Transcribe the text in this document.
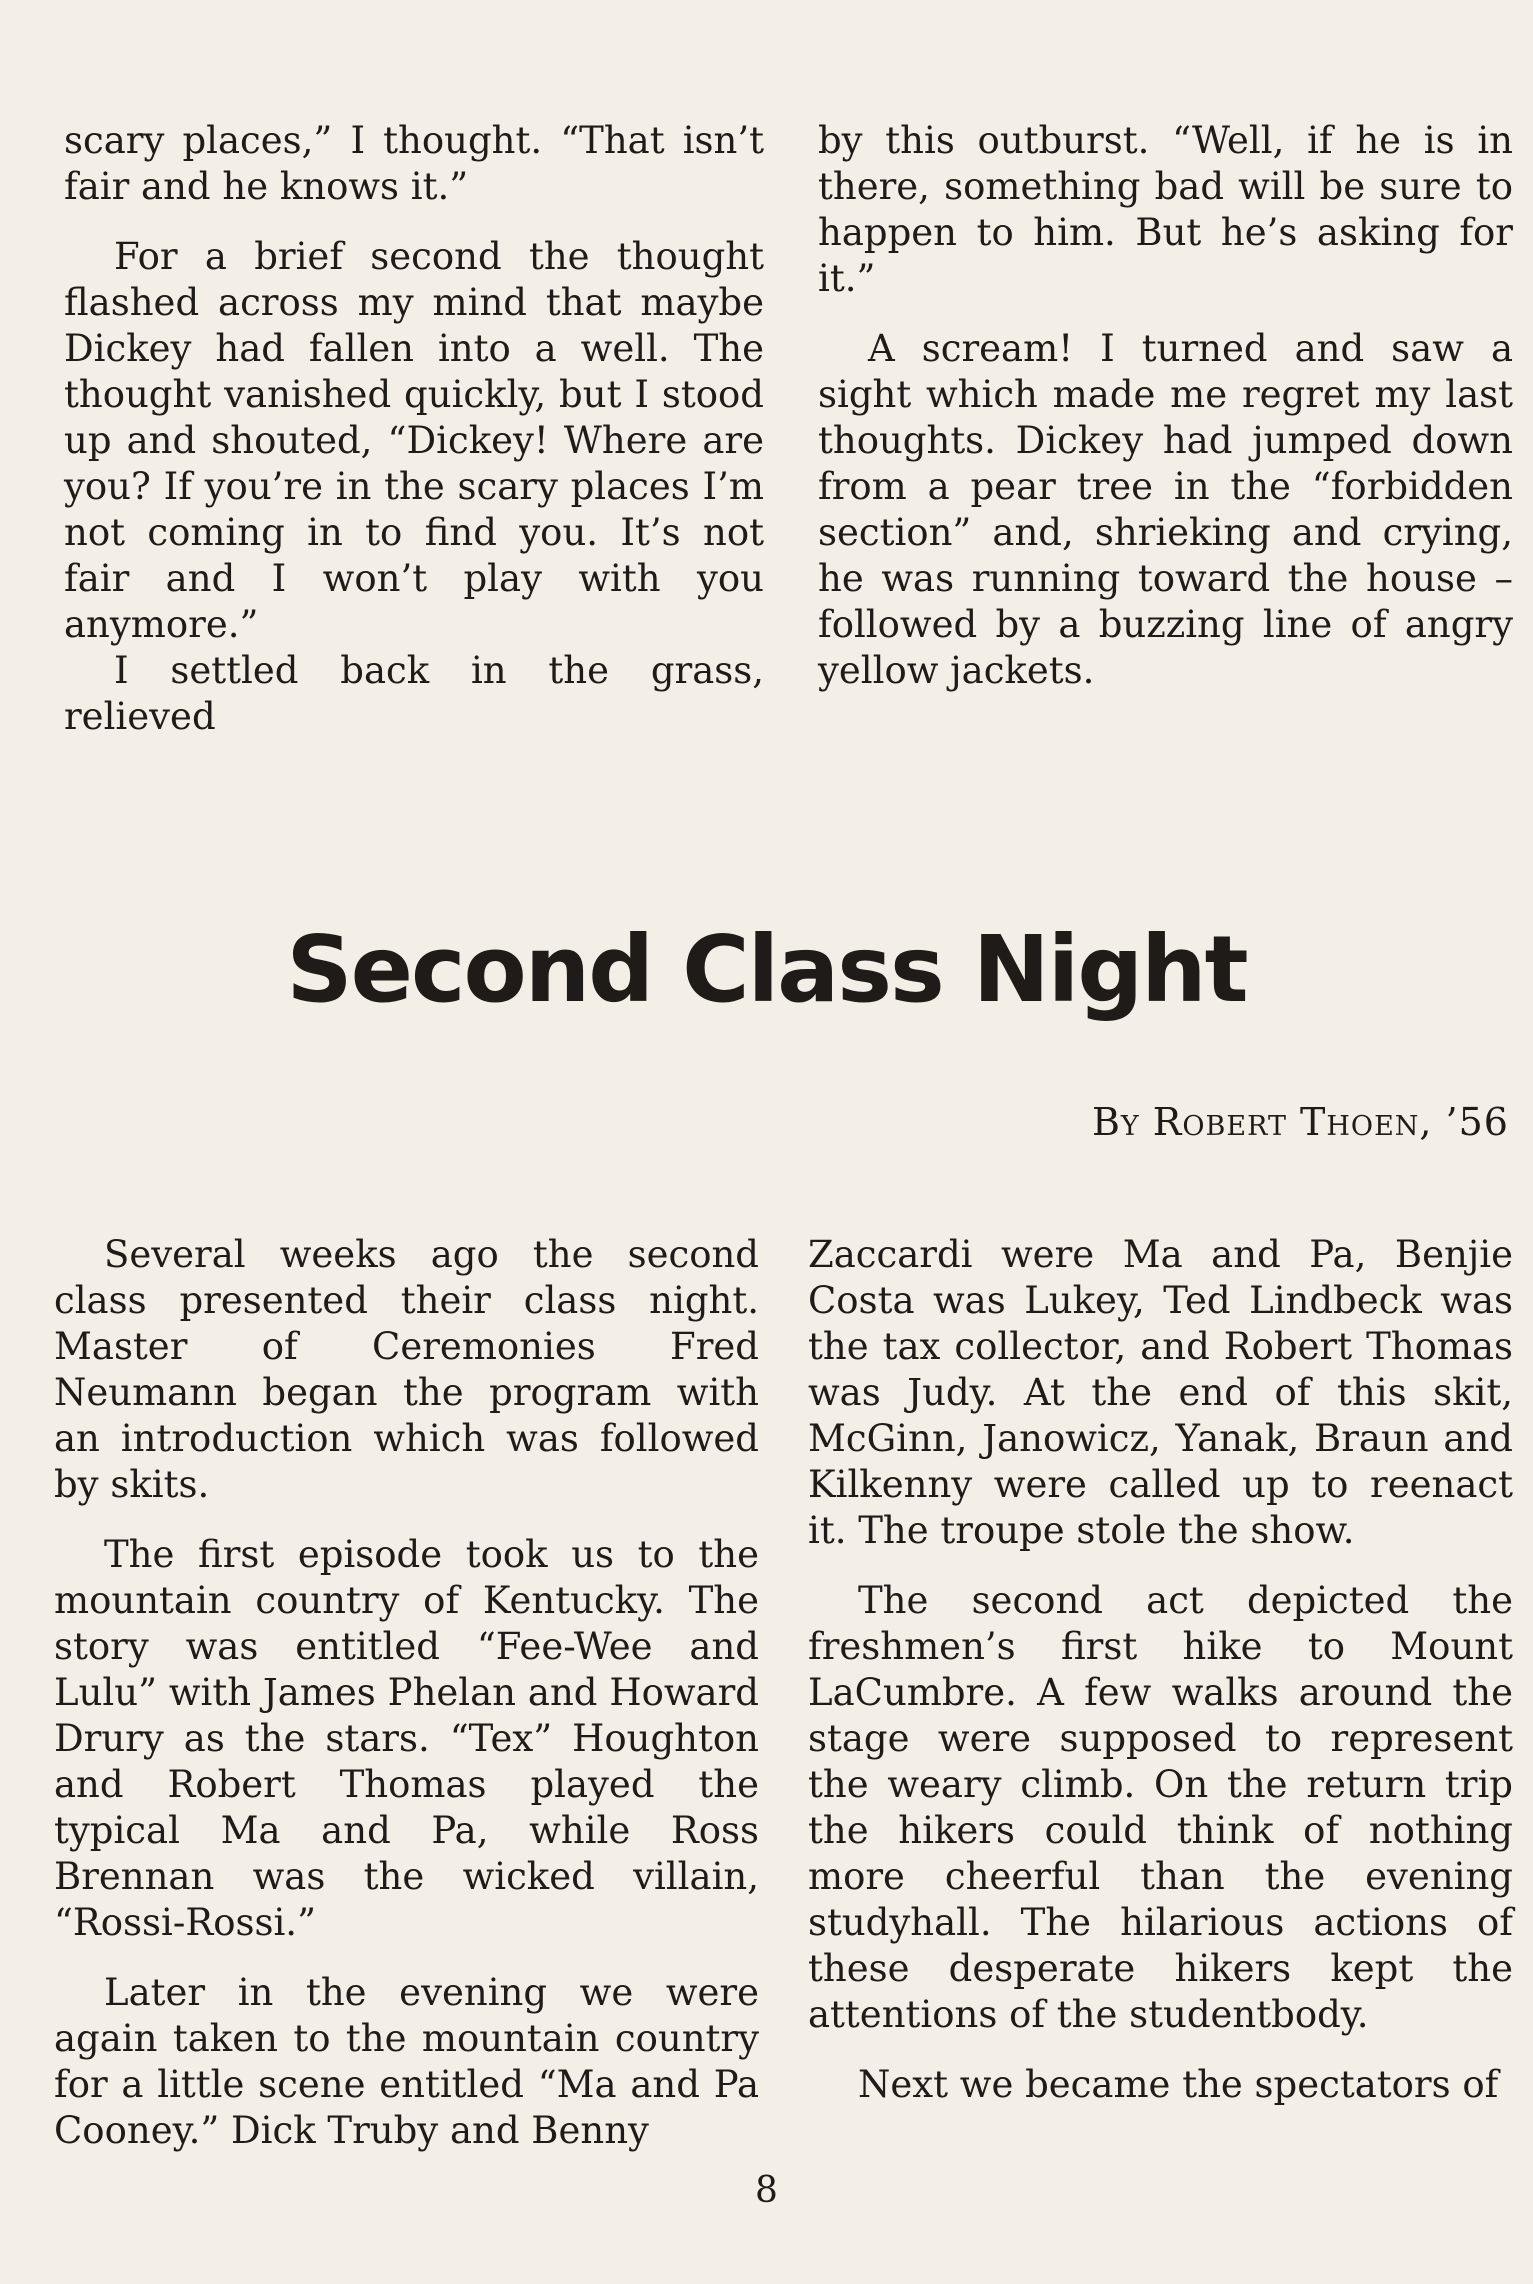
scary places,” I thought. “That isn’t fair and he knows it.”

For a brief second the thought flashed across my mind that maybe Dickey had fallen into a well. The thought vanished quickly, but I stood up and shouted, “Dickey! Where are you? If you’re in the scary places I’m not coming in to find you. It’s not fair and I won’t play with you anymore.”

I settled back in the grass, relieved

by this outburst. “Well, if he is in there, something bad will be sure to happen to him. But he’s asking for it.”

A scream! I turned and saw a sight which made me regret my last thoughts. Dickey had jumped down from a pear tree in the “forbidden section” and, shrieking and crying, he was running toward the house – followed by a buzzing line of angry yellow jackets.

Second Class Night
By Robert Thoen, ’56

Several weeks ago the second class presented their class night. Master of Ceremonies Fred Neumann began the program with an introduction which was followed by skits.

The first episode took us to the mountain country of Kentucky. The story was entitled “Fee-Wee and Lulu” with James Phelan and Howard Drury as the stars. “Tex” Houghton and Robert Thomas played the typical Ma and Pa, while Ross Brennan was the wicked villain, “Rossi-Rossi.”

Later in the evening we were again taken to the mountain country for a little scene entitled “Ma and Pa Cooney.” Dick Truby and Benny

Zaccardi were Ma and Pa, Benjie Costa was Lukey, Ted Lindbeck was the tax collector, and Robert Thomas was Judy. At the end of this skit, McGinn, Janowicz, Yanak, Braun and Kilkenny were called up to reenact it. The troupe stole the show.

The second act depicted the freshmen’s first hike to Mount LaCumbre. A few walks around the stage were supposed to represent the weary climb. On the return trip the hikers could think of nothing more cheerful than the evening studyhall. The hilarious actions of these desperate hikers kept the attentions of the studentbody.

Next we became the spectators of

8
